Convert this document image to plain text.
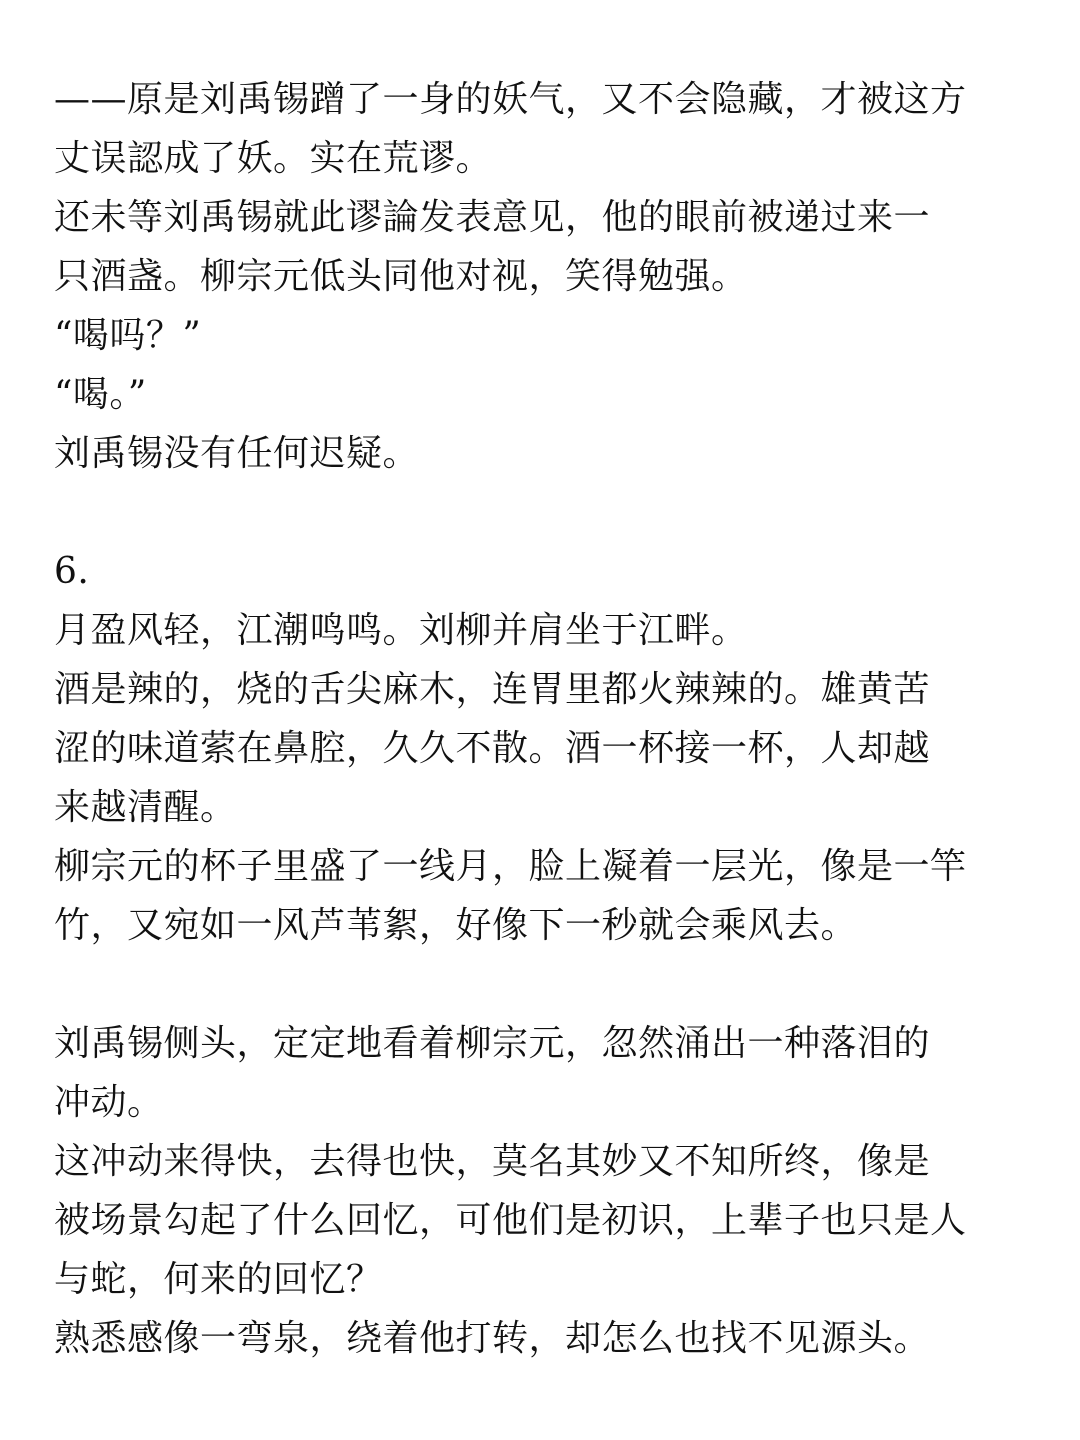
——原是刘禹锡蹭了一身的妖气，又不会隐藏，才被这方
丈误認成了妖。实在荒谬。
还未等刘禹锡就此谬論发表意见，他的眼前被递过来一
只酒盏。柳宗元低头同他对视，笑得勉强。
“喝吗？”
“喝。”
刘禹锡没有任何迟疑。
6.
月盈风轻，江潮鸣鸣。刘柳并肩坐于江畔。
酒是辣的，烧的舌尖麻木，连胃里都火辣辣的。雄黄苦
涩的味道萦在鼻腔，久久不散。酒一杯接一杯，人却越
来越清醒。
柳宗元的杯子里盛了一线月，脸上凝着一层光，像是一竿
竹，又宛如一风芦苇絮，好像下一秒就会乘风去。
刘禹锡侧头，定定地看着柳宗元，忽然涌出一种落泪的
冲动。
这冲动来得快，去得也快，莫名其妙又不知所终，像是
被场景勾起了什么回忆，可他们是初识，上辈子也只是人
与蛇，何来的回忆？
熟悉感像一弯泉，绕着他打转，却怎么也找不见源头。
